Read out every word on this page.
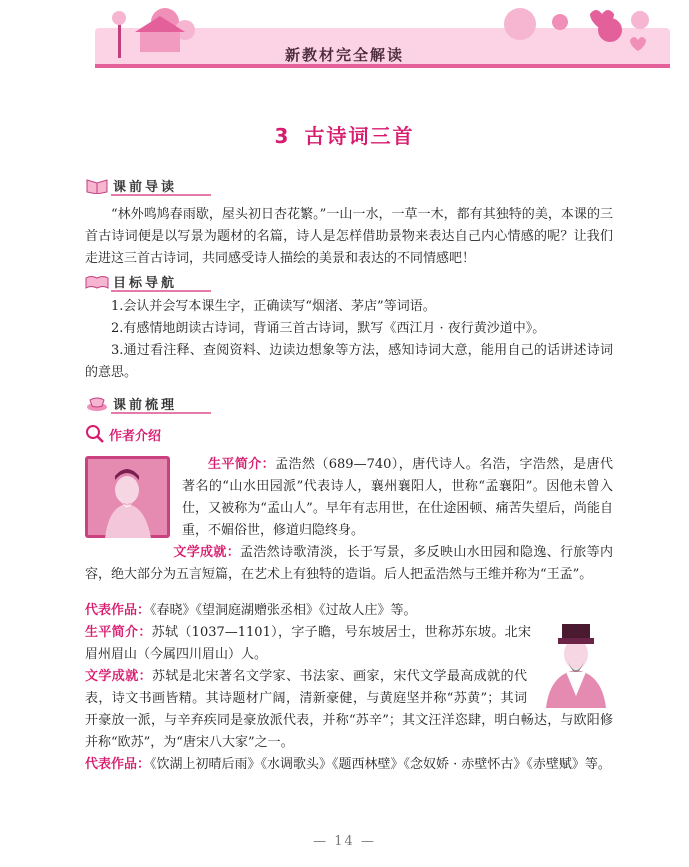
新教材完全解读
3 古诗词三首
课前导读
“林外鸣鸠春雨歇，屋头初日杏花繁。”一山一水，一草一木，都有其独特的美，本课的三首古诗词便是以写景为题材的名篇，诗人是怎样借助景物来表达自己内心情感的呢？让我们走进这三首古诗词，共同感受诗人描绘的美景和表达的不同情感吧！
目标导航
1.会认并会写本课生字，正确读写“烟渚、茅店”等词语。
2.有感情地朗读古诗词，背诵三首古诗词，默写《西江月 · 夜行黄沙道中》。
3.通过看注释、查阅资料、边读边想象等方法，感知诗词大意，能用自己的话讲述诗词的意思。
课前梳理
作者介绍
生平简介：孟浩然（689—740），唐代诗人。名浩，字浩然，是唐代著名的“山水田园派”代表诗人，襄州襄阳人，世称“孟襄阳”。因他未曾入仕，又被称为“孟山人”。早年有志用世，在仕途困顿、痛苦失望后，尚能自重，不媚俗世，修道归隐终身。
文学成就：孟浩然诗歌清淡，长于写景，多反映山水田园和隐逸、行旅等内容，绝大部分为五言短篇，在艺术上有独特的造诣。后人把孟浩然与王维并称为“王孟”。
代表作品：《春晓》《望洞庭湖赠张丞相》《过故人庄》等。
生平简介：苏轼（1037—1101），字子瞻，号东坡居士，世称苏东坡。北宋眉州眉山（今属四川眉山）人。
文学成就：苏轼是北宋著名文学家、书法家、画家，宋代文学最高成就的代表，诗文书画皆精。其诗题材广阔，清新豪健，与黄庭坚并称“苏黄”；其词开豪放一派，与辛弃疾同是豪放派代表，并称“苏辛”；其文汪洋恣肆，明白畅达，与欧阳修并称“欧苏”，为“唐宋八大家”之一。
代表作品：《饮湖上初晴后雨》《水调歌头》《题西林壁》《念奴娇 · 赤壁怀古》《赤壁赋》等。
— 14 —
